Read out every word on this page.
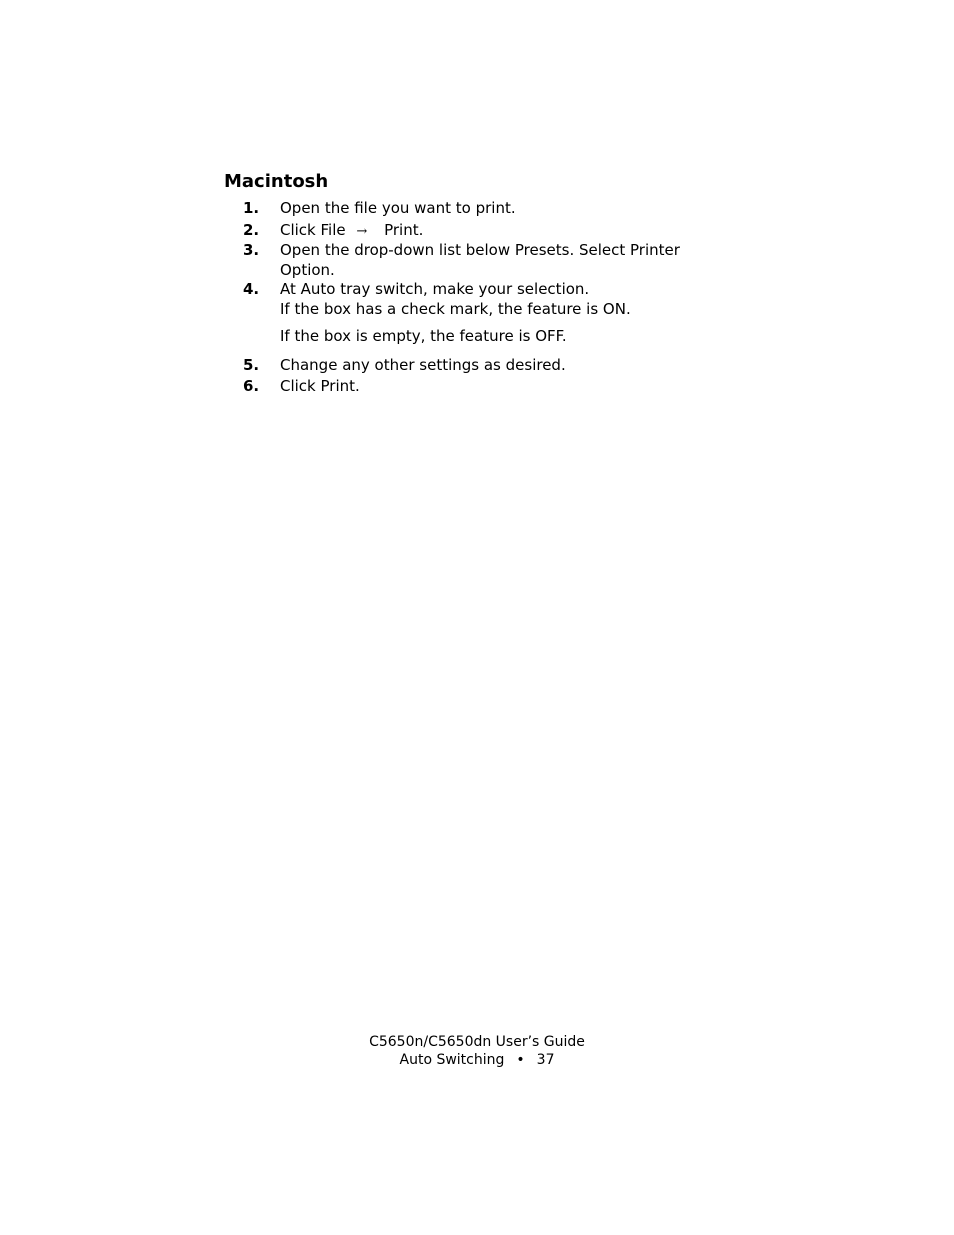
Macintosh
1. Open the file you want to print.
2. Click File → Print.
3. Open the drop-down list below Presets. Select Printer
Option.
4. At Auto tray switch, make your selection.
If the box has a check mark, the feature is ON.
If the box is empty, the feature is OFF.
5. Change any other settings as desired.
6. Click Print.
C5650n/C5650dn User’s Guide
Auto Switching • 37
